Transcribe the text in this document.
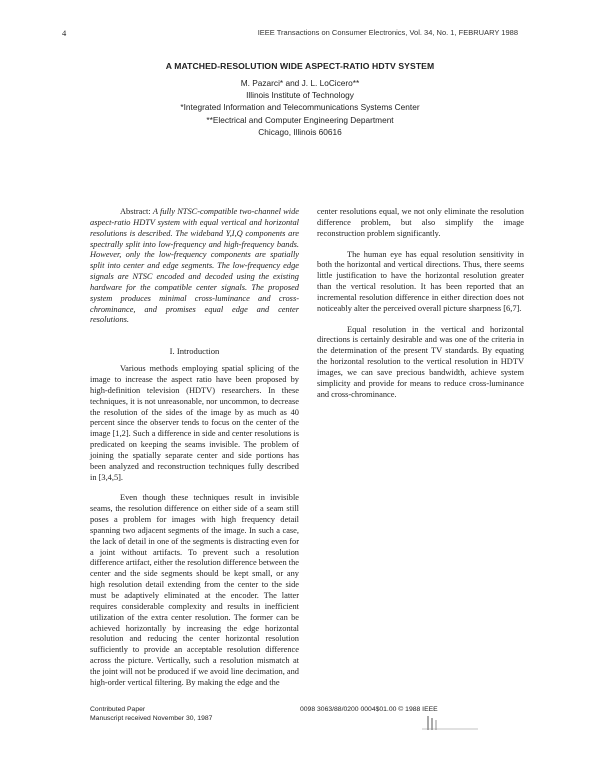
4	IEEE Transactions on Consumer Electronics, Vol. 34, No. 1, FEBRUARY 1988
A MATCHED-RESOLUTION WIDE ASPECT-RATIO HDTV SYSTEM
M. Pazarci* and J. L. LoCicero**
Illinois Institute of Technology
*Integrated Information and Telecommunications Systems Center
**Electrical and Computer Engineering Department
Chicago, Illinois 60616

Abstract: A fully NTSC-compatible two-channel wide aspect-ratio HDTV system with equal vertical and horizontal resolutions is described. The wideband Y,I,Q components are spectrally split into low-frequency and high-frequency bands. However, only the low-frequency components are spatially split into center and edge segments. The low-frequency edge signals are NTSC encoded and decoded using the existing hardware for the compatible center signals. The proposed system produces minimal cross-luminance and cross-chrominance, and promises equal edge and center resolutions.

I. Introduction

Various methods employing spatial splicing of the image to increase the aspect ratio have been proposed by high-definition television (HDTV) researchers. In these techniques, it is not unreasonable, nor uncommon, to decrease the resolution of the sides of the image by as much as 40 percent since the observer tends to focus on the center of the image [1,2]. Such a difference in side and center resolutions is predicated on keeping the seams invisible. The problem of joining the spatially separate center and side portions has been analyzed and reconstruction techniques fully described in [3,4,5].

Even though these techniques result in invisible seams, the resolution difference on either side of a seam still poses a problem for images with high frequency detail spanning two adjacent segments of the image. In such a case, the lack of detail in one of the segments is distracting even for a joint without artifacts. To prevent such a resolution difference artifact, either the resolution difference between the center and the side segments should be kept small, or any high resolution detail extending from the center to the side must be adaptively eliminated at the encoder. The latter requires considerable complexity and results in inefficient utilization of the extra center resolution. The former can be achieved horizontally by increasing the edge horizontal resolution and reducing the center horizontal resolution sufficiently to provide an acceptable resolution difference across the picture. Vertically, such a resolution mismatch at the joint will not be produced if we avoid line decimation, and high-order vertical filtering. By making the edge and the

center resolutions equal, we not only eliminate the resolution difference problem, but also simplify the image reconstruction problem significantly.

The human eye has equal resolution sensitivity in both the horizontal and vertical directions. Thus, there seems little justification to have the horizontal resolution greater than the vertical resolution. It has been reported that an incremental resolution difference in either direction does not noticeably alter the perceived overall picture sharpness [6,7].

Equal resolution in the vertical and horizontal directions is certainly desirable and was one of the criteria in the determination of the present TV standards. By equating the horizontal resolution to the vertical resolution in HDTV images, we can save precious bandwidth, achieve system simplicity and provide for means to reduce cross-luminance and cross-chrominance.

Contributed Paper
Manuscript received November 30, 1987
0098 3063/88/0200 0004$01.00 © 1988 IEEE
